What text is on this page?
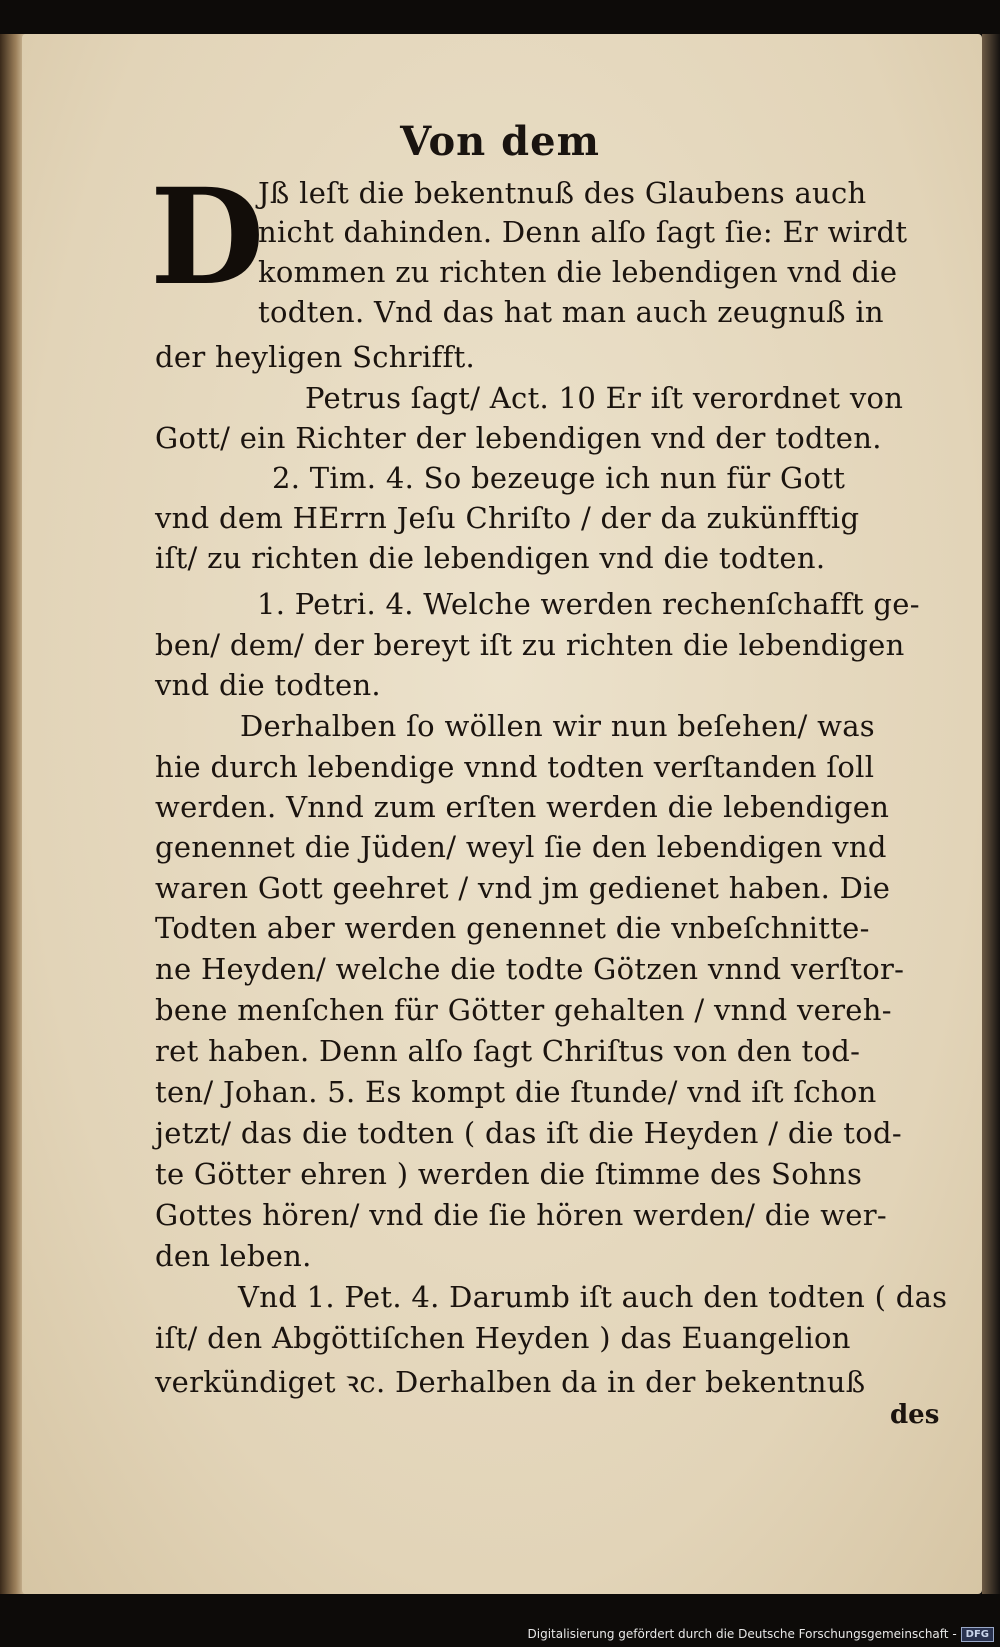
Von dem
D
Jß leſt die bekentnuß des Glaubens auch
nicht dahinden. Denn alſo ſagt ſie: Er wirdt
kommen zu richten die lebendigen vnd die
todten. Vnd das hat man auch zeugnuß in
der heyligen Schrifft.
Petrus ſagt/ Act. 10 Er iſt verordnet von
Gott/ ein Richter der lebendigen vnd der todten.
2. Tim. 4. So bezeuge ich nun für Gott
vnd dem HErrn Jeſu Chriſto / der da zukünfftig
iſt/ zu richten die lebendigen vnd die todten.
1. Petri. 4. Welche werden rechenſchafft ge-
ben/ dem/ der bereyt iſt zu richten die lebendigen
vnd die todten.
Derhalben ſo wöllen wir nun beſehen/ was
hie durch lebendige vnnd todten verſtanden ſoll
werden. Vnnd zum erſten werden die lebendigen
genennet die Jüden/ weyl ſie den lebendigen vnd
waren Gott geehret / vnd jm gedienet haben. Die
Todten aber werden genennet die vnbeſchnitte-
ne Heyden/ welche die todte Götzen vnnd verſtor-
bene menſchen für Götter gehalten / vnnd vereh-
ret haben. Denn alſo ſagt Chriſtus von den tod-
ten/ Johan. 5. Es kompt die ſtunde/ vnd iſt ſchon
jetzt/ das die todten ( das iſt die Heyden / die tod-
te Götter ehren ) werden die ſtimme des Sohns
Gottes hören/ vnd die ſie hören werden/ die wer-
den leben.
Vnd 1. Pet. 4. Darumb iſt auch den todten ( das
iſt/ den Abgöttiſchen Heyden ) das Euangelion
verkündiget ꝛc. Derhalben da in der bekentnuß
des
Digitalisierung gefördert durch die Deutsche Forschungsgemeinschaft - DFG
